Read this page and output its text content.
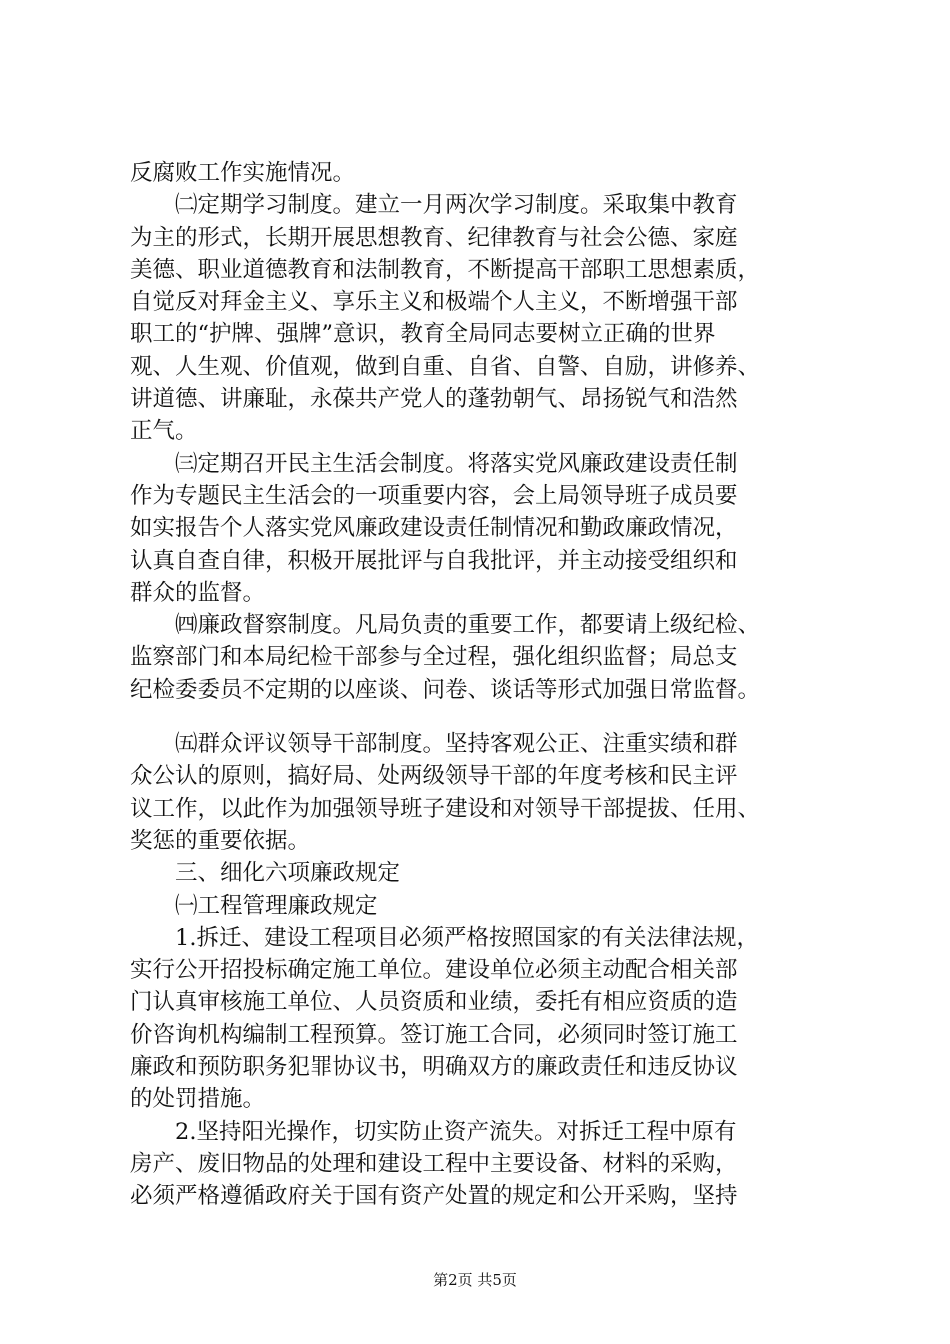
反腐败工作实施情况。
㈡定期学习制度。建立一月两次学习制度。采取集中教育
为主的形式，长期开展思想教育、纪律教育与社会公德、家庭
美德、职业道德教育和法制教育，不断提高干部职工思想素质，
自觉反对拜金主义、享乐主义和极端个人主义，不断增强干部
职工的“护牌、强牌”意识，教育全局同志要树立正确的世界
观、人生观、价值观，做到自重、自省、自警、自励，讲修养、
讲道德、讲廉耻，永葆共产党人的蓬勃朝气、昂扬锐气和浩然
正气。
㈢定期召开民主生活会制度。将落实党风廉政建设责任制
作为专题民主生活会的一项重要内容，会上局领导班子成员要
如实报告个人落实党风廉政建设责任制情况和勤政廉政情况，
认真自查自律，积极开展批评与自我批评，并主动接受组织和
群众的监督。
㈣廉政督察制度。凡局负责的重要工作，都要请上级纪检、
监察部门和本局纪检干部参与全过程，强化组织监督；局总支
纪检委委员不定期的以座谈、问卷、谈话等形式加强日常监督。
㈤群众评议领导干部制度。坚持客观公正、注重实绩和群
众公认的原则，搞好局、处两级领导干部的年度考核和民主评
议工作，以此作为加强领导班子建设和对领导干部提拔、任用、
奖惩的重要依据。
三、细化六项廉政规定
㈠工程管理廉政规定
1.拆迁、建设工程项目必须严格按照国家的有关法律法规，
实行公开招投标确定施工单位。建设单位必须主动配合相关部
门认真审核施工单位、人员资质和业绩，委托有相应资质的造
价咨询机构编制工程预算。签订施工合同，必须同时签订施工
廉政和预防职务犯罪协议书，明确双方的廉政责任和违反协议
的处罚措施。
2.坚持阳光操作，切实防止资产流失。对拆迁工程中原有
房产、废旧物品的处理和建设工程中主要设备、材料的采购，
必须严格遵循政府关于国有资产处置的规定和公开采购，坚持
第2页 共5页
